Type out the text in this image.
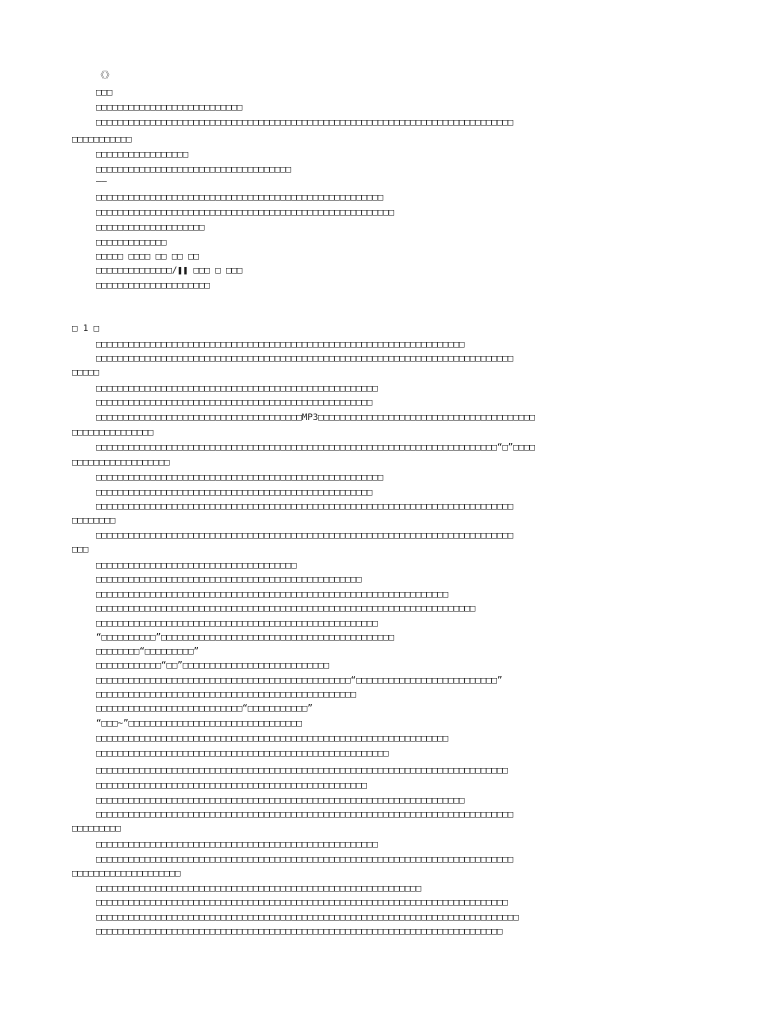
《》
□□□
□□□□□□□□□□□□□□□□□□□□□□□□□□□
□□□□□□□□□□□□□□□□□□□□□□□□□□□□□□□□□□□□□□□□□□□□□□□□□□□□□□□□□□□□□□□□□□□□□□□□□□□□□
□□□□□□□□□□□
□□□□□□□□□□□□□□□□□
□□□□□□□□□□□□□□□□□□□□□□□□□□□□□□□□□□□□
——
□□□□□□□□□□□□□□□□□□□□□□□□□□□□□□□□□□□□□□□□□□□□□□□□□□□□□
□□□□□□□□□□□□□□□□□□□□□□□□□□□□□□□□□□□□□□□□□□□□□□□□□□□□□□□
□□□□□□□□□□□□□□□□□□□□
□□□□□□□□□□□□□
□□□□□ □□□□ □□ □□ □□
□□□□□□□□□□□□□□/❚❚ □□□ □ □□□
□□□□□□□□□□□□□□□□□□□□□
□ 1 □
□□□□□□□□□□□□□□□□□□□□□□□□□□□□□□□□□□□□□□□□□□□□□□□□□□□□□□□□□□□□□□□□□□□□
□□□□□□□□□□□□□□□□□□□□□□□□□□□□□□□□□□□□□□□□□□□□□□□□□□□□□□□□□□□□□□□□□□□□□□□□□□□□□
□□□□□
□□□□□□□□□□□□□□□□□□□□□□□□□□□□□□□□□□□□□□□□□□□□□□□□□□□□
□□□□□□□□□□□□□□□□□□□□□□□□□□□□□□□□□□□□□□□□□□□□□□□□□□□
□□□□□□□□□□□□□□□□□□□□□□□□□□□□□□□□□□□□□□MP3□□□□□□□□□□□□□□□□□□□□□□□□□□□□□□□□□□□□□□□□
□□□□□□□□□□□□□□□
□□□□□□□□□□□□□□□□□□□□□□□□□□□□□□□□□□□□□□□□□□□□□□□□□□□□□□□□□□□□□□□□□□□□□□□□□□“□”□□□□
□□□□□□□□□□□□□□□□□□
□□□□□□□□□□□□□□□□□□□□□□□□□□□□□□□□□□□□□□□□□□□□□□□□□□□□□
□□□□□□□□□□□□□□□□□□□□□□□□□□□□□□□□□□□□□□□□□□□□□□□□□□□
□□□□□□□□□□□□□□□□□□□□□□□□□□□□□□□□□□□□□□□□□□□□□□□□□□□□□□□□□□□□□□□□□□□□□□□□□□□□□
□□□□□□□□
□□□□□□□□□□□□□□□□□□□□□□□□□□□□□□□□□□□□□□□□□□□□□□□□□□□□□□□□□□□□□□□□□□□□□□□□□□□□□
□□□
□□□□□□□□□□□□□□□□□□□□□□□□□□□□□□□□□□□□□
□□□□□□□□□□□□□□□□□□□□□□□□□□□□□□□□□□□□□□□□□□□□□□□□□
□□□□□□□□□□□□□□□□□□□□□□□□□□□□□□□□□□□□□□□□□□□□□□□□□□□□□□□□□□□□□□□□□
□□□□□□□□□□□□□□□□□□□□□□□□□□□□□□□□□□□□□□□□□□□□□□□□□□□□□□□□□□□□□□□□□□□□□□
□□□□□□□□□□□□□□□□□□□□□□□□□□□□□□□□□□□□□□□□□□□□□□□□□□□□
“□□□□□□□□□□”□□□□□□□□□□□□□□□□□□□□□□□□□□□□□□□□□□□□□□□□□□□
□□□□□□□□“□□□□□□□□□”
□□□□□□□□□□□□“□□”□□□□□□□□□□□□□□□□□□□□□□□□□□□
□□□□□□□□□□□□□□□□□□□□□□□□□□□□□□□□□□□□□□□□□□□□□□□“□□□□□□□□□□□□□□□□□□□□□□□□□□”
□□□□□□□□□□□□□□□□□□□□□□□□□□□□□□□□□□□□□□□□□□□□□□□□
□□□□□□□□□□□□□□□□□□□□□□□□□□□“□□□□□□□□□□□”
“□□□~”□□□□□□□□□□□□□□□□□□□□□□□□□□□□□□□□
□□□□□□□□□□□□□□□□□□□□□□□□□□□□□□□□□□□□□□□□□□□□□□□□□□□□□□□□□□□□□□□□□
□□□□□□□□□□□□□□□□□□□□□□□□□□□□□□□□□□□□□□□□□□□□□□□□□□□□□□
□□□□□□□□□□□□□□□□□□□□□□□□□□□□□□□□□□□□□□□□□□□□□□□□□□□□□□□□□□□□□□□□□□□□□□□□□□□□
□□□□□□□□□□□□□□□□□□□□□□□□□□□□□□□□□□□□□□□□□□□□□□□□□□
□□□□□□□□□□□□□□□□□□□□□□□□□□□□□□□□□□□□□□□□□□□□□□□□□□□□□□□□□□□□□□□□□□□□
□□□□□□□□□□□□□□□□□□□□□□□□□□□□□□□□□□□□□□□□□□□□□□□□□□□□□□□□□□□□□□□□□□□□□□□□□□□□□
□□□□□□□□□
□□□□□□□□□□□□□□□□□□□□□□□□□□□□□□□□□□□□□□□□□□□□□□□□□□□□
□□□□□□□□□□□□□□□□□□□□□□□□□□□□□□□□□□□□□□□□□□□□□□□□□□□□□□□□□□□□□□□□□□□□□□□□□□□□□
□□□□□□□□□□□□□□□□□□□□
□□□□□□□□□□□□□□□□□□□□□□□□□□□□□□□□□□□□□□□□□□□□□□□□□□□□□□□□□□□□
□□□□□□□□□□□□□□□□□□□□□□□□□□□□□□□□□□□□□□□□□□□□□□□□□□□□□□□□□□□□□□□□□□□□□□□□□□□□
□□□□□□□□□□□□□□□□□□□□□□□□□□□□□□□□□□□□□□□□□□□□□□□□□□□□□□□□□□□□□□□□□□□□□□□□□□□□□□
□□□□□□□□□□□□□□□□□□□□□□□□□□□□□□□□□□□□□□□□□□□□□□□□□□□□□□□□□□□□□□□□□□□□□□□□□□□
